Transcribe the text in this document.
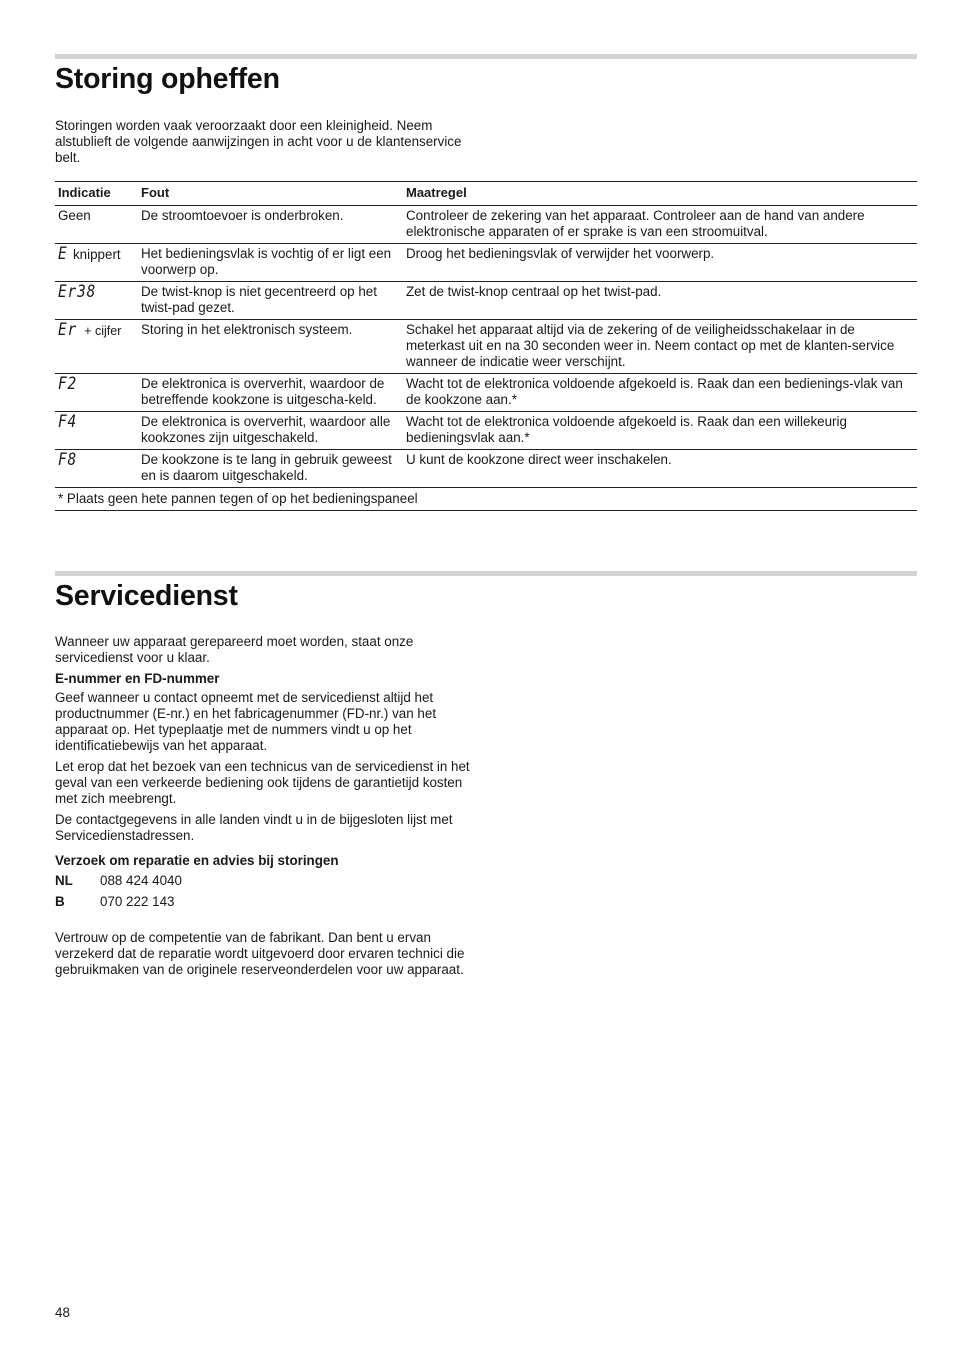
Storing opheffen

Storingen worden vaak veroorzaakt door een kleinigheid. Neem alstublieft de volgende aanwijzingen in acht voor u de klantenservice belt.

Indicatie	Fout	Maatregel
Geen	De stroomtoevoer is onderbroken.	Controleer de zekering van het apparaat. Controleer aan de hand van andere elektronische apparaten of er sprake is van een stroomuitval.
E knippert	Het bedieningsvlak is vochtig of er ligt een voorwerp op.	Droog het bedieningsvlak of verwijder het voorwerp.
Er38	De twist-knop is niet gecentreerd op het twist-pad gezet.	Zet de twist-knop centraal op het twist-pad.
Er + cijfer	Storing in het elektronisch systeem.	Schakel het apparaat altijd via de zekering of de veiligheidsschakelaar in de meterkast uit en na 30 seconden weer in. Neem contact op met de klanten-service wanneer de indicatie weer verschijnt.
F2	De elektronica is oververhit, waardoor de betreffende kookzone is uitgescha-keld.	Wacht tot de elektronica voldoende afgekoeld is. Raak dan een bedienings-vlak van de kookzone aan.*
F4	De elektronica is oververhit, waardoor alle kookzones zijn uitgeschakeld.	Wacht tot de elektronica voldoende afgekoeld is. Raak dan een willekeurig bedieningsvlak aan.*
F8	De kookzone is te lang in gebruik geweest en is daarom uitgeschakeld.	U kunt de kookzone direct weer inschakelen.
* Plaats geen hete pannen tegen of op het bedieningspaneel		
Servicedienst

Wanneer uw apparaat gerepareerd moet worden, staat onze servicedienst voor u klaar.

E-nummer en FD-nummer

Geef wanneer u contact opneemt met de servicedienst altijd het productnummer (E-nr.) en het fabricagenummer (FD-nr.) van het apparaat op. Het typeplaatje met de nummers vindt u op het identificatiebewijs van het apparaat.

Let erop dat het bezoek van een technicus van de servicedienst in het geval van een verkeerde bediening ook tijdens de garantietijd kosten met zich meebrengt.

De contactgegevens in alle landen vindt u in de bijgesloten lijst met Servicedienstadressen.

Verzoek om reparatie en advies bij storingen

NL	088 424 4040
B	070 222 143

Vertrouw op de competentie van de fabrikant. Dan bent u ervan verzekerd dat de reparatie wordt uitgevoerd door ervaren technici die gebruikmaken van de originele reserveonderdelen voor uw apparaat.

48
